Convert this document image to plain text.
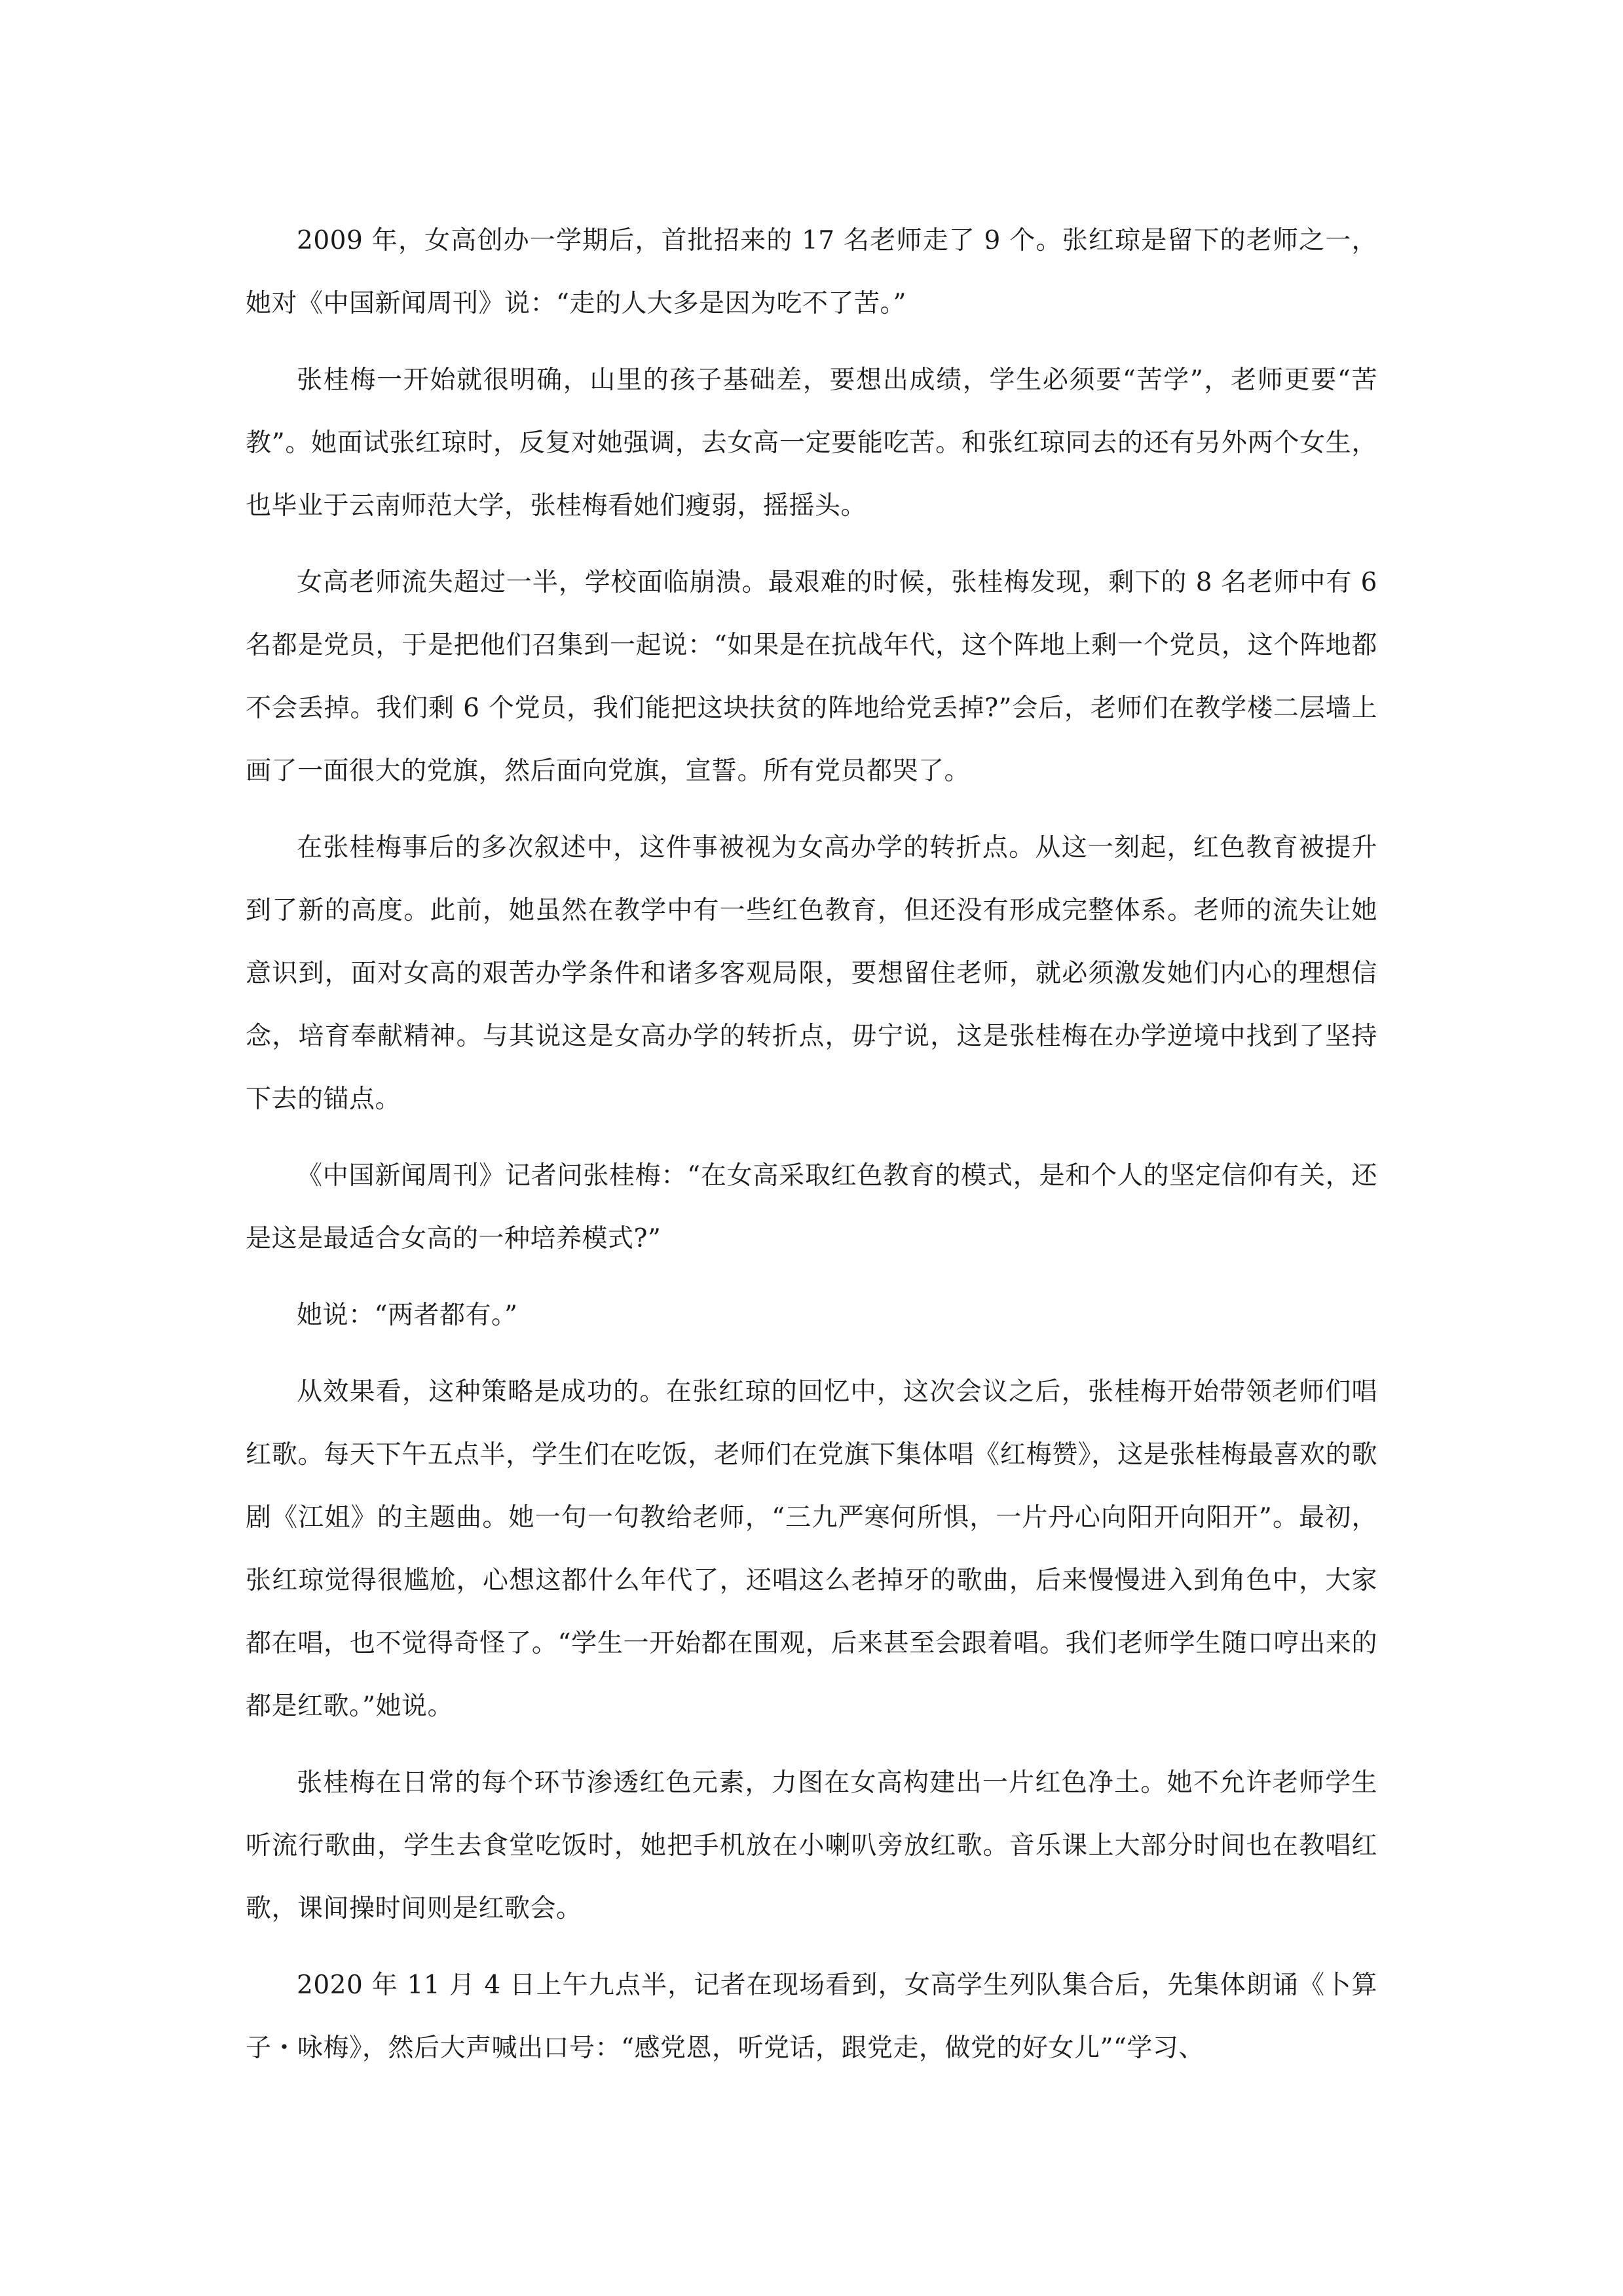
2009 年，女高创办一学期后，首批招来的 17 名老师走了 9 个。张红琼是留下的老师之一，她对《中国新闻周刊》说：“走的人大多是因为吃不了苦。”

张桂梅一开始就很明确，山里的孩子基础差，要想出成绩，学生必须要“苦学”，老师更要“苦教”。她面试张红琼时，反复对她强调，去女高一定要能吃苦。和张红琼同去的还有另外两个女生，也毕业于云南师范大学，张桂梅看她们瘦弱，摇摇头。

女高老师流失超过一半，学校面临崩溃。最艰难的时候，张桂梅发现，剩下的 8 名老师中有 6 名都是党员，于是把他们召集到一起说：“如果是在抗战年代，这个阵地上剩一个党员，这个阵地都不会丢掉。我们剩 6 个党员，我们能把这块扶贫的阵地给党丢掉?”会后，老师们在教学楼二层墙上画了一面很大的党旗，然后面向党旗，宣誓。所有党员都哭了。

在张桂梅事后的多次叙述中，这件事被视为女高办学的转折点。从这一刻起，红色教育被提升到了新的高度。此前，她虽然在教学中有一些红色教育，但还没有形成完整体系。老师的流失让她意识到，面对女高的艰苦办学条件和诸多客观局限，要想留住老师，就必须激发她们内心的理想信念，培育奉献精神。与其说这是女高办学的转折点，毋宁说，这是张桂梅在办学逆境中找到了坚持下去的锚点。

《中国新闻周刊》记者问张桂梅：“在女高采取红色教育的模式，是和个人的坚定信仰有关，还是这是最适合女高的一种培养模式?”

她说：“两者都有。”

从效果看，这种策略是成功的。在张红琼的回忆中，这次会议之后，张桂梅开始带领老师们唱红歌。每天下午五点半，学生们在吃饭，老师们在党旗下集体唱《红梅赞》，这是张桂梅最喜欢的歌剧《江姐》的主题曲。她一句一句教给老师，“三九严寒何所惧，一片丹心向阳开向阳开”。最初，张红琼觉得很尴尬，心想这都什么年代了，还唱这么老掉牙的歌曲，后来慢慢进入到角色中，大家都在唱，也不觉得奇怪了。“学生一开始都在围观，后来甚至会跟着唱。我们老师学生随口哼出来的都是红歌。”她说。

张桂梅在日常的每个环节渗透红色元素，力图在女高构建出一片红色净土。她不允许老师学生听流行歌曲，学生去食堂吃饭时，她把手机放在小喇叭旁放红歌。音乐课上大部分时间也在教唱红歌，课间操时间则是红歌会。

2020 年 11 月 4 日上午九点半，记者在现场看到，女高学生列队集合后，先集体朗诵《卜算子・咏梅》，然后大声喊出口号：“感党恩，听党话，跟党走，做党的好女儿”“学习、
